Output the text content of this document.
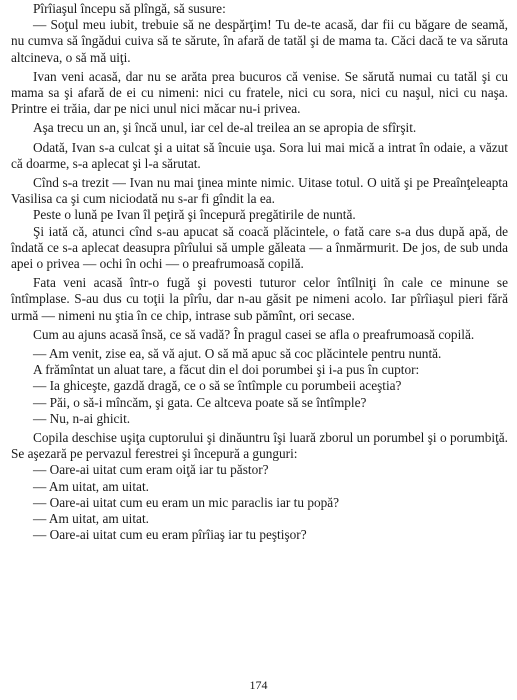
Pîrîiaşul începu să plîngă, să susure:

— Soţul meu iubit, trebuie să ne despărţim! Tu de-te acasă, dar fii cu băgare de seamă, nu cumva să îngădui cuiva să te sărute, în afară de tatăl şi de mama ta. Căci dacă te va săruta altcineva, o să mă uiţi.

Ivan veni acasă, dar nu se arăta prea bucuros că venise. Se sărută numai cu tatăl şi cu mama sa şi afară de ei cu nimeni: nici cu fratele, nici cu sora, nici cu naşul, nici cu naşa. Printre ei trăia, dar pe nici unul nici măcar nu-i privea.

Aşa trecu un an, şi încă unul, iar cel de-al treilea an se apropia de sfîrşit.

Odată, Ivan s-a culcat şi a uitat să încuie uşa. Sora lui mai mică a intrat în odaie, a văzut că doarme, s-a aplecat şi l-a sărutat.

Cînd s-a trezit — Ivan nu mai ţinea minte nimic. Uitase totul. O uită şi pe Preaînţeleapta Vasilisa ca şi cum niciodată nu s-ar fi gîndit la ea.

Peste o lună pe Ivan îl peţiră şi începură pregătirile de nuntă.

Şi iată că, atunci cînd s-au apucat să coacă plăcintele, o fată care s-a dus după apă, de îndată ce s-a aplecat deasupra pîrîului să umple găleata — a înmărmurit. De jos, de sub unda apei o privea — ochi în ochi — o preafrumoasă copilă.

Fata veni acasă într-o fugă şi povesti tuturor celor întîlniţi în cale ce minune se întîmplase. S-au dus cu toţii la pîrîu, dar n-au găsit pe nimeni acolo. Iar pîrîiaşul pieri fără urmă — nimeni nu ştia în ce chip, intrase sub pămînt, ori secase.

Cum au ajuns acasă însă, ce să vadă? În pragul casei se afla o preafrumoasă copilă.

— Am venit, zise ea, să vă ajut. O să mă apuc să coc plăcintele pentru nuntă.

A frămîntat un aluat tare, a făcut din el doi porumbei şi i-a pus în cuptor:

— Ia ghiceşte, gazdă dragă, ce o să se întîmple cu porumbeii aceştia?

— Păi, o să-i mîncăm, şi gata. Ce altceva poate să se întîmple?

— Nu, n-ai ghicit.

Copila deschise uşiţa cuptorului şi dinăuntru îşi luară zborul un porumbel şi o porumbiţă. Se aşezară pe pervazul ferestrei şi începură a gunguri:

— Oare-ai uitat cum eram oiţă iar tu păstor?

— Am uitat, am uitat.

— Oare-ai uitat cum eu eram un mic paraclis iar tu popă?

— Am uitat, am uitat.

— Oare-ai uitat cum eu eram pîrîiaş iar tu peştişor?

174
